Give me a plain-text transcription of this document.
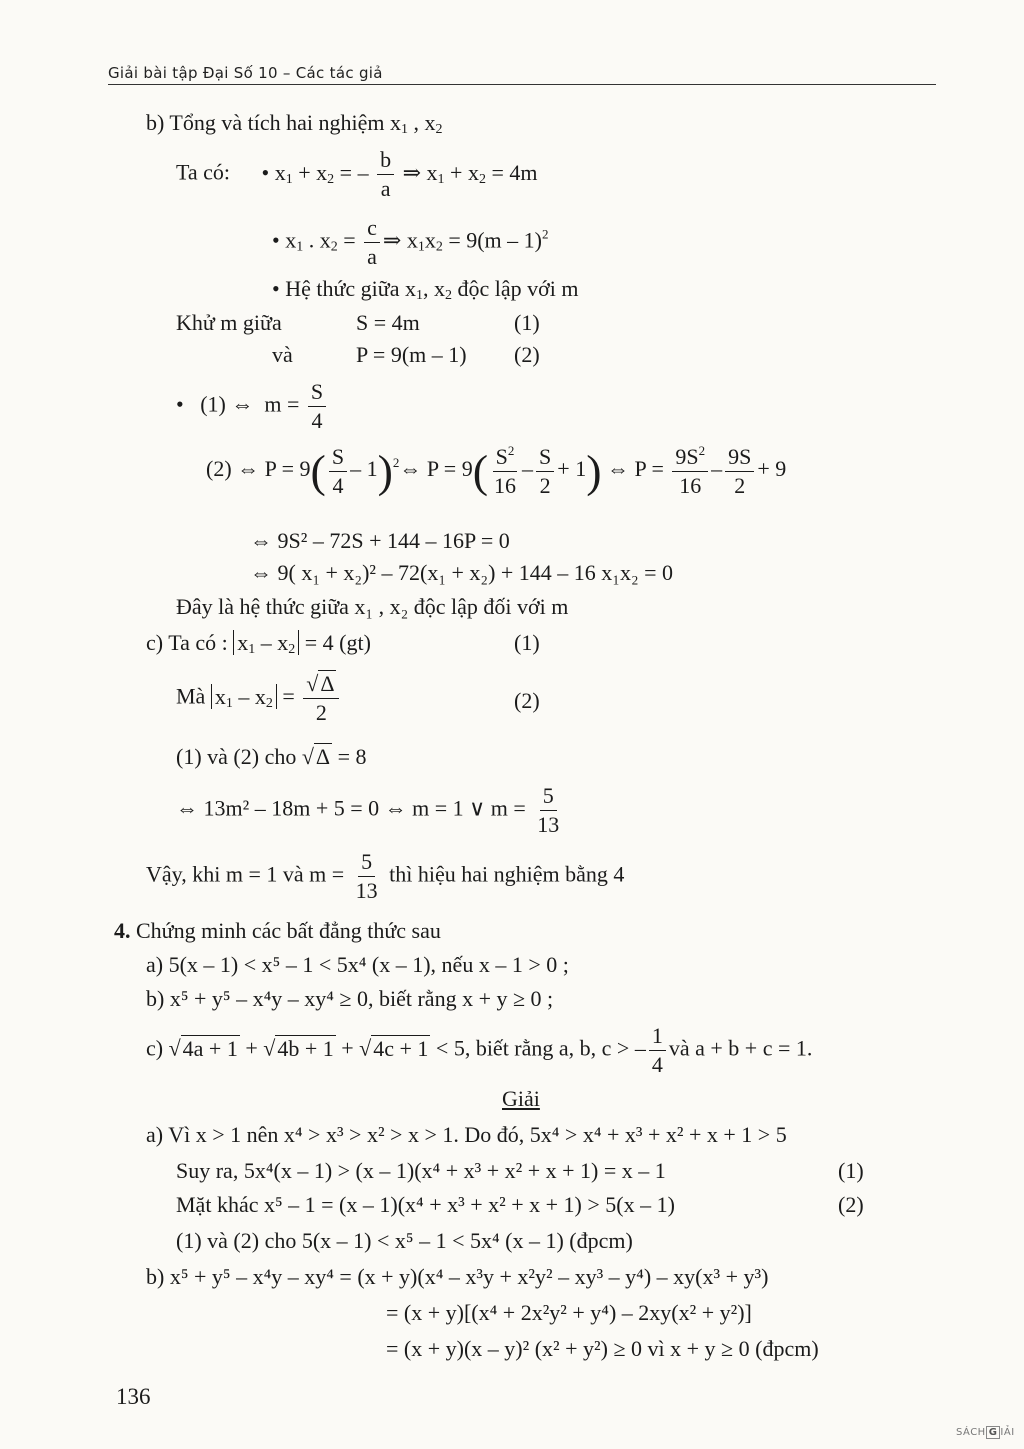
Giải bài tập Đại Số 10 – Các tác giả
b) Tổng và tích hai nghiệm $x_1$ , $x_2$
Ta có: • $x_1 + x_2$ = – $\frac{b}{a}$ ⇒ $x_1 + x_2 = 4m$
• $x_1$ . $x_2 = \frac{c}{a}$ ⇒ $x_1x_2 = 9(m - 1)^2$
• Hệ thức giữa $x_1$, $x_2$ độc lập với m
Khử m giữa	S = 4m	(1)
và	P = 9(m – 1) (2)
•   (1) ⇔  $m = \frac{S}{4}$
(2) ⇔ $P = 9( \frac{S}{4}$ – 1)$^2$⇔ $P = 9( \frac{S^2}{16} - \frac{S}{2} + 1)$ ⇔ $P = \frac{9S^2}{16} - \frac{9S}{2} + 9$
⇔ 9S² – 72S + 144 – 16P = 0
⇔ 9( x₁ + x₂)² – 72(x₁ + x₂) + 144 – 16 x₁x₂ = 0
Đây là hệ thức giữa x₁ , x₂ độc lập đối với m
c) Ta có : $x_1 - x_2 = 4$ (gt)	(1)
Mà $x_1 - x_2 = \frac{√\Delta}{2}$	(2)
(1) và (2) cho √Δ = 8
⇔ 13m² – 18m + 5 = 0 ⇔ m = 1 ∨ $m = \frac{5}{13}$
Vậy, khi m = 1 và $m = \frac{5}{13}$ thì hiệu hai nghiệm bằng 4
4. Chứng minh các bất đẳng thức sau
a) 5(x – 1) < x⁵ – 1 < 5x⁴ (x – 1), nếu x – 1 > 0 ;
b) x⁵ + y⁵ – x⁴y – xy⁴ ≥ 0, biết rằng x + y ≥ 0 ;
c) √4a + 1 + √4b + 1 + √4c + 1 < 5, biết rằng a, b, c > – $\frac{1}{4}$ và a + b + c = 1.
Giải
a) Vì x > 1 nên x⁴ > x³ > x² > x > 1. Do đó, 5x⁴ > x⁴ + x³ + x² + x + 1 > 5
Suy ra, 5x⁴(x – 1) > (x – 1)(x⁴ + x³ + x² + x + 1) = x – 1	(1)
Mặt khác x⁵ – 1 = (x – 1)(x⁴ + x³ + x² + x + 1) > 5(x – 1)	(2)
(1) và (2) cho 5(x – 1) < x⁵ – 1 < 5x⁴ (x – 1) (đpcm)
b) x⁵ + y⁵ – x⁴y – xy⁴ = (x + y)(x⁴ – x³y + x²y² – xy³ – y⁴) – xy(x³ + y³)
= (x + y)[(x⁴ + 2x²y² + y⁴) – 2xy(x² + y²)]
= (x + y)(x – y)² (x² + y²) ≥ 0 vì x + y ≥ 0 (đpcm)
136
SÁCH G IẢI
